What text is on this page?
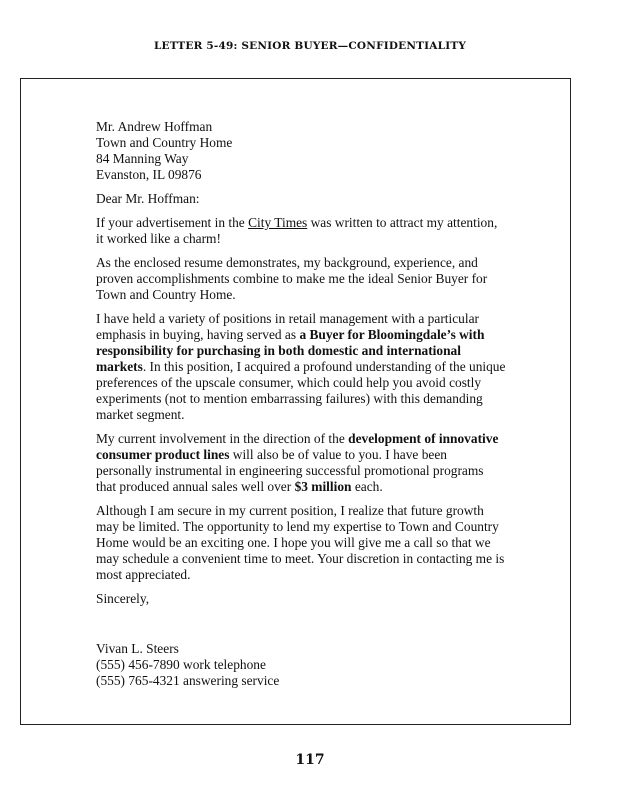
LETTER 5-49: SENIOR BUYER—CONFIDENTIALITY
Mr. Andrew Hoffman
Town and Country Home
84 Manning Way
Evanston, IL 09876

Dear Mr. Hoffman:

If your advertisement in the City Times was written to attract my attention, it worked like a charm!

As the enclosed resume demonstrates, my background, experience, and proven accomplishments combine to make me the ideal Senior Buyer for Town and Country Home.

I have held a variety of positions in retail management with a particular emphasis in buying, having served as a Buyer for Bloomingdale’s with responsibility for purchasing in both domestic and international markets. In this position, I acquired a profound understanding of the unique preferences of the upscale consumer, which could help you avoid costly experiments (not to mention embarrassing failures) with this demanding market segment.

My current involvement in the direction of the development of innovative consumer product lines will also be of value to you. I have been personally instrumental in engineering successful promotional programs that produced annual sales well over $3 million each.

Although I am secure in my current position, I realize that future growth may be limited. The opportunity to lend my expertise to Town and Country Home would be an exciting one. I hope you will give me a call so that we may schedule a convenient time to meet. Your discretion in contacting me is most appreciated.

Sincerely,

Vivan L. Steers
(555) 456-7890 work telephone
(555) 765-4321 answering service
117
